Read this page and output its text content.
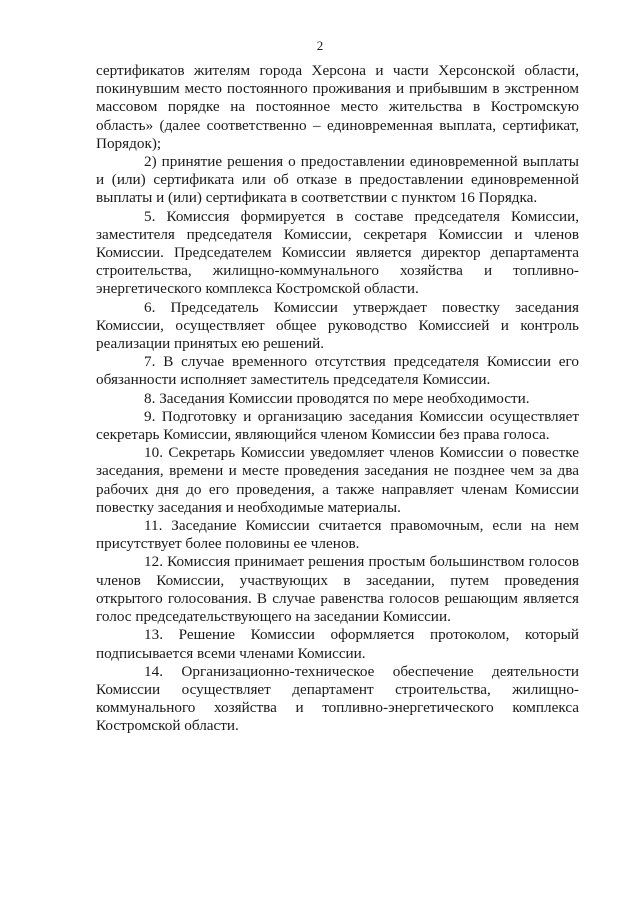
2

сертификатов жителям города Херсона и части Херсонской области, покинувшим место постоянного проживания и прибывшим в экстренном массовом порядке на постоянное место жительства в Костромскую область» (далее соответственно – единовременная выплата, сертификат, Порядок);

2) принятие решения о предоставлении единовременной выплаты и (или) сертификата или об отказе в предоставлении единовременной выплаты и (или) сертификата в соответствии с пунктом 16 Порядка.

5. Комиссия формируется в составе председателя Комиссии, заместителя председателя Комиссии, секретаря Комиссии и членов Комиссии. Председателем Комиссии является директор департамента строительства, жилищно-коммунального хозяйства и топливно-энергетического комплекса Костромской области.

6. Председатель Комиссии утверждает повестку заседания Комиссии, осуществляет общее руководство Комиссией и контроль реализации принятых ею решений.

7. В случае временного отсутствия председателя Комиссии его обязанности исполняет заместитель председателя Комиссии.

8. Заседания Комиссии проводятся по мере необходимости.

9. Подготовку и организацию заседания Комиссии осуществляет секретарь Комиссии, являющийся членом Комиссии без права голоса.

10. Секретарь Комиссии уведомляет членов Комиссии о повестке заседания, времени и месте проведения заседания не позднее чем за два рабочих дня до его проведения, а также направляет членам Комиссии повестку заседания и необходимые материалы.

11. Заседание Комиссии считается правомочным, если на нем присутствует более половины ее членов.

12. Комиссия принимает решения простым большинством голосов членов Комиссии, участвующих в заседании, путем проведения открытого голосования. В случае равенства голосов решающим является голос председательствующего на заседании Комиссии.

13. Решение Комиссии оформляется протоколом, который подписывается всеми членами Комиссии.

14. Организационно-техническое обеспечение деятельности Комиссии осуществляет департамент строительства, жилищно-коммунального хозяйства и топливно-энергетического комплекса Костромской области.
